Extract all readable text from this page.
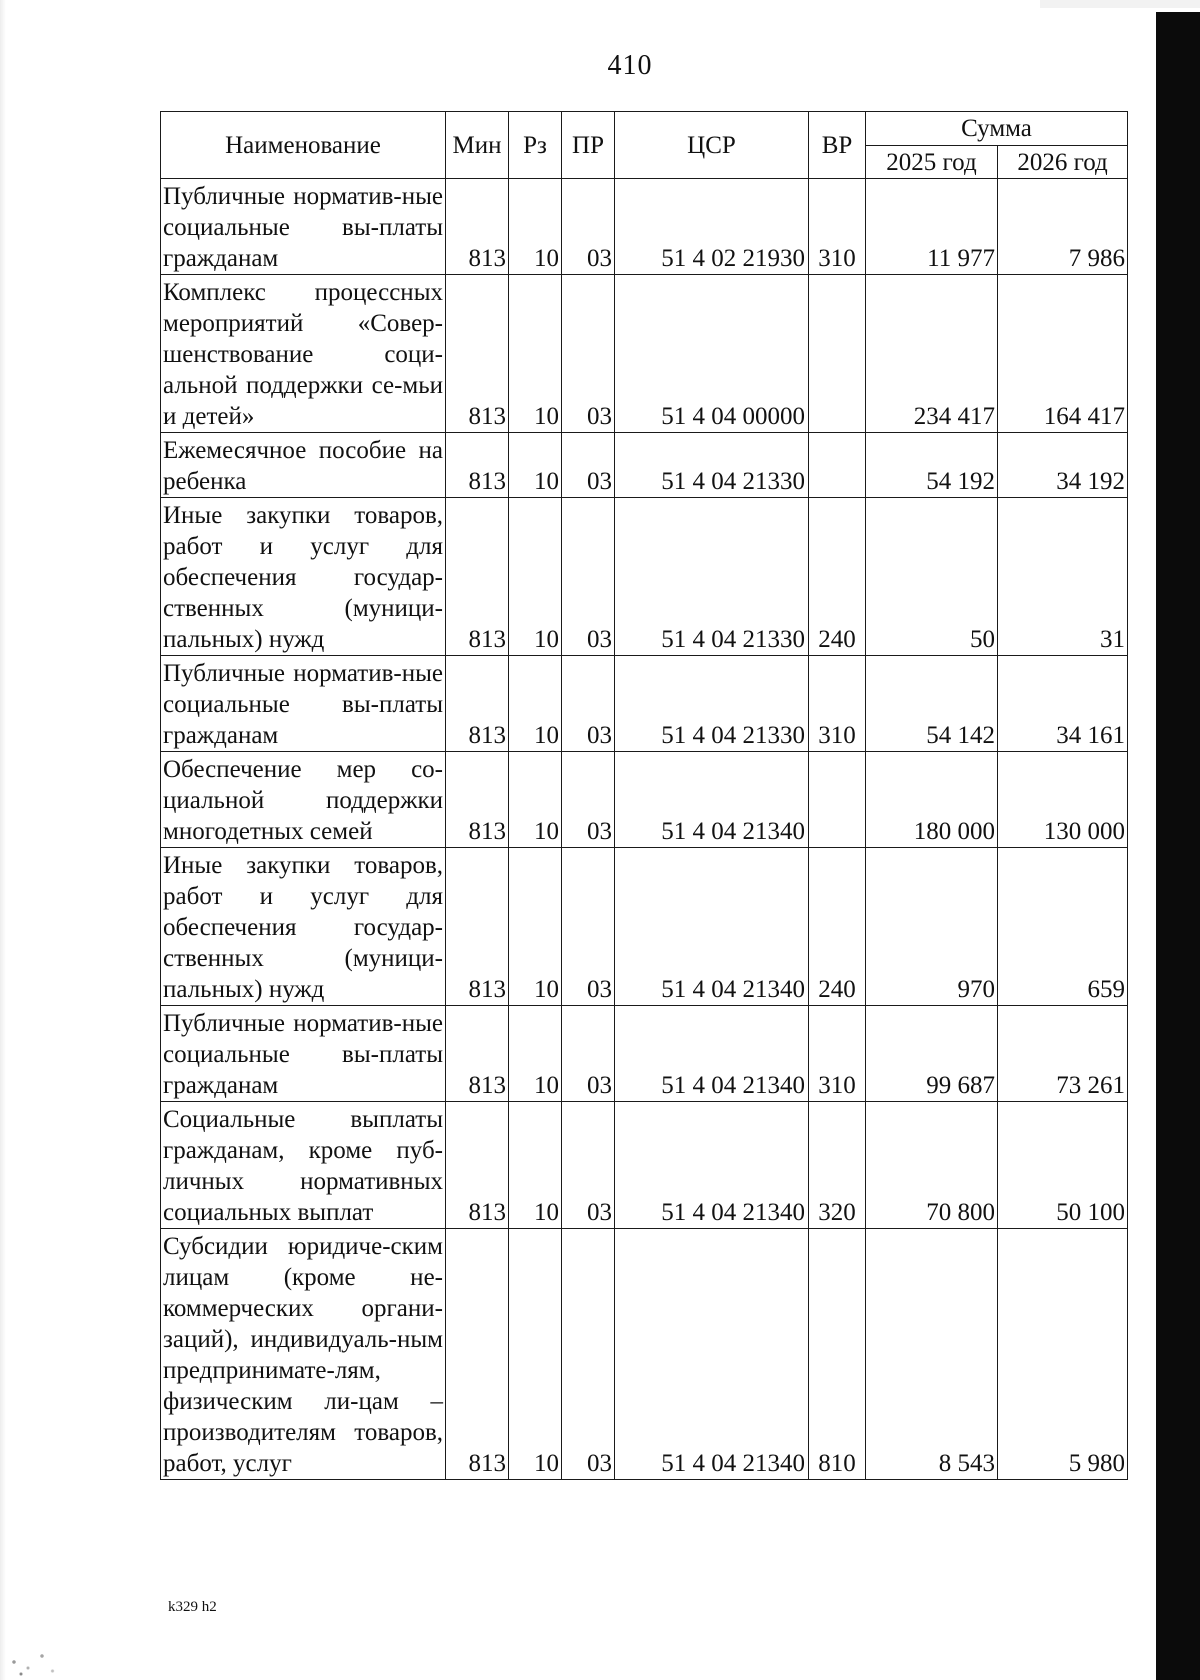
410
Наименование	Мин	Рз	ПР	ЦСР	ВР	Сумма	
						2025 год	2026 год
Публичные норматив-ные социальные вы-платы гражданам	813	10	03	51 4 02 21930	310	11 977	7 986
Комплекс процессных мероприятий «Совер-шенствование соци-альной поддержки се-мьи и детей»	813	10	03	51 4 04 00000		234 417	164 417
Ежемесячное пособие на ребенка	813	10	03	51 4 04 21330		54 192	34 192
Иные закупки товаров, работ и услуг для обеспечения государ-ственных (муници-пальных) нужд	813	10	03	51 4 04 21330	240	50	31
Публичные норматив-ные социальные вы-платы гражданам	813	10	03	51 4 04 21330	310	54 142	34 161
Обеспечение мер со-циальной поддержки многодетных семей	813	10	03	51 4 04 21340		180 000	130 000
Иные закупки товаров, работ и услуг для обеспечения государ-ственных (муници-пальных) нужд	813	10	03	51 4 04 21340	240	970	659
Публичные норматив-ные социальные вы-платы гражданам	813	10	03	51 4 04 21340	310	99 687	73 261
Социальные выплаты гражданам, кроме пуб-личных нормативных социальных выплат	813	10	03	51 4 04 21340	320	70 800	50 100
Субсидии юридиче-ским лицам (кроме не-коммерческих органи-заций), индивидуаль-ным предпринимате-лям, физическим ли-цам – производителям товаров, работ, услуг	813	10	03	51 4 04 21340	810	8 543	5 980
k329 h2
